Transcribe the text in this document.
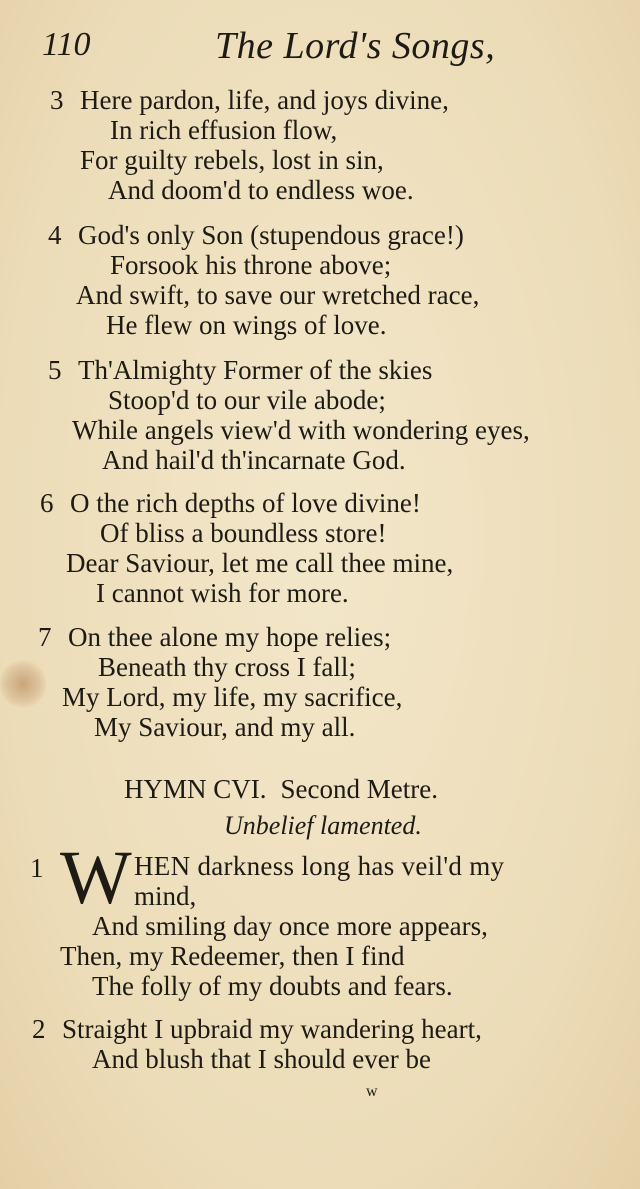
110	The Lord's Songs,
3 Here pardon, life, and joys divine,
In rich effusion flow,
For guilty rebels, lost in sin,
And doom'd to endless woe.
4 God's only Son (stupendous grace!)
Forsook his throne above;
And swift, to save our wretched race,
He flew on wings of love.
5 Th'Almighty Former of the skies
Stoop'd to our vile abode;
While angels view'd with wondering eyes,
And hail'd th'incarnate God.
6 O the rich depths of love divine!
Of bliss a boundless store!
Dear Saviour, let me call thee mine,
I cannot wish for more.
7 On thee alone my hope relies;
Beneath thy cross I fall;
My Lord, my life, my sacrifice,
My Saviour, and my all.
HYMN CVI. Second Metre.
Unbelief lamented.
1 W HEN darkness long has veil'd my
mind,
And smiling day once more appears,
Then, my Redeemer, then I find
The folly of my doubts and fears.
2 Straight I upbraid my wandering heart,
And blush that I should ever be
w
